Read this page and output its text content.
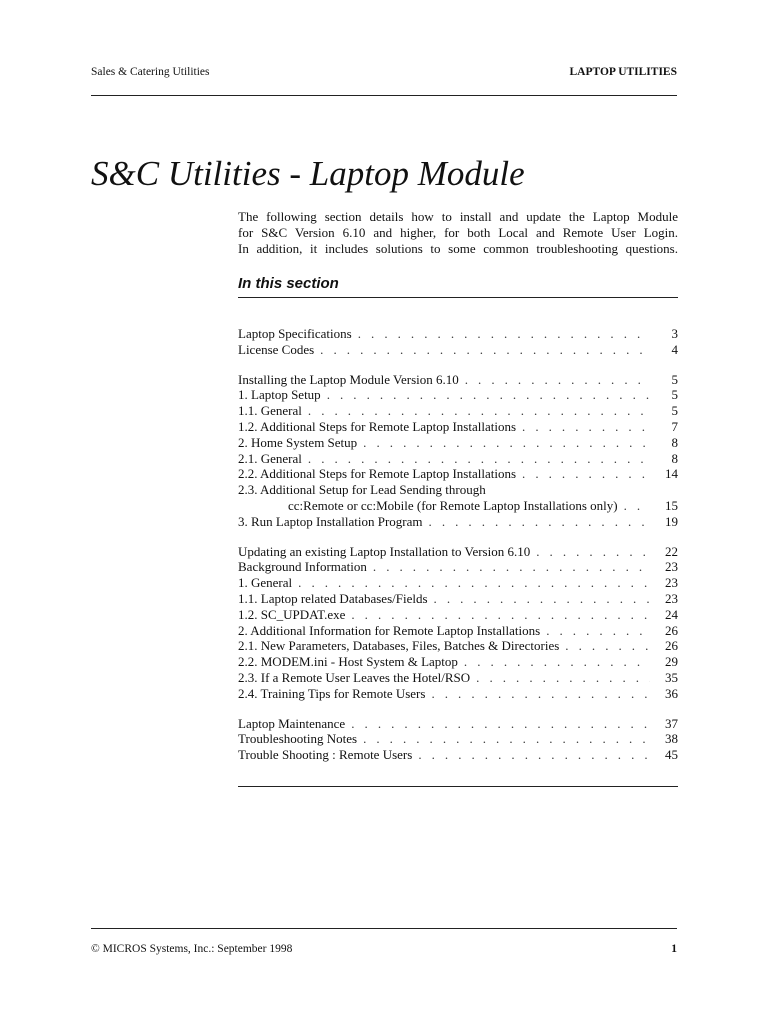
Sales & Catering Utilities	LAPTOP UTILITIES
S&C Utilities - Laptop Module
The following section details how to install and update the Laptop Module
for S&C Version 6.10 and higher, for both Local and Remote User Login.
In addition, it includes solutions to some common troubleshooting questions.
In this section
Laptop Specifications . . .	3
License Codes . . .	4
Installing the Laptop Module Version 6.10 . . .	5
1. Laptop Setup . . .	5
1.1. General . . .	5
1.2. Additional Steps for Remote Laptop Installations . . .	7
2. Home System Setup . . .	8
2.1. General . . .	8
2.2. Additional Steps for Remote Laptop Installations . . .	14
2.3. Additional Setup for Lead Sending through
cc:Remote or cc:Mobile (for Remote Laptop Installations only) . . .	15
3. Run Laptop Installation Program . . .	19
Updating an existing Laptop Installation to Version 6.10 . . .	22
Background Information . . .	23
1. General . . .	23
1.1. Laptop related Databases/Fields . . .	23
1.2. SC_UPDAT.exe . . .	24
2. Additional Information for Remote Laptop Installations . . .	26
2.1. New Parameters, Databases, Files, Batches & Directories . . .	26
2.2. MODEM.ini - Host System & Laptop . . .	29
2.3. If a Remote User Leaves the Hotel/RSO . . .	35
2.4. Training Tips for Remote Users . . .	36
Laptop Maintenance . . .	37
Troubleshooting Notes . . .	38
Trouble Shooting : Remote Users . . .	45
© MICROS Systems, Inc.: September 1998	1
